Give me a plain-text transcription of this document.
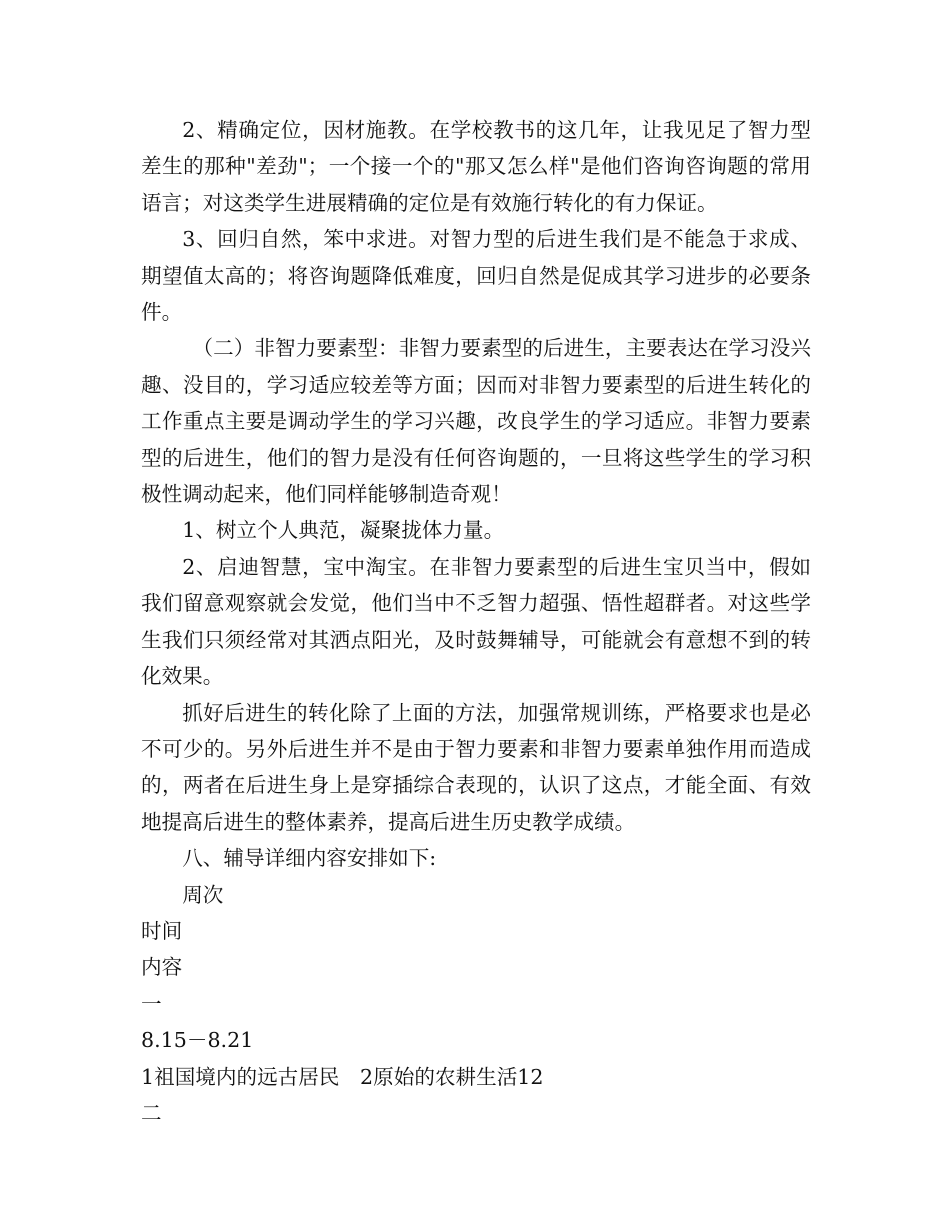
2、精确定位，因材施教。在学校教书的这几年，让我见足了智力型差生的那种"差劲"；一个接一个的"那又怎么样"是他们咨询咨询题的常用语言；对这类学生进展精确的定位是有效施行转化的有力保证。

3、回归自然，笨中求进。对智力型的后进生我们是不能急于求成、期望值太高的；将咨询题降低难度，回归自然是促成其学习进步的必要条件。

（二）非智力要素型：非智力要素型的后进生，主要表达在学习没兴趣、没目的，学习适应较差等方面；因而对非智力要素型的后进生转化的工作重点主要是调动学生的学习兴趣，改良学生的学习适应。非智力要素型的后进生，他们的智力是没有任何咨询题的，一旦将这些学生的学习积极性调动起来，他们同样能够制造奇观！

1、树立个人典范，凝聚拢体力量。

2、启迪智慧，宝中淘宝。在非智力要素型的后进生宝贝当中，假如我们留意观察就会发觉，他们当中不乏智力超强、悟性超群者。对这些学生我们只须经常对其洒点阳光，及时鼓舞辅导，可能就会有意想不到的转化效果。

抓好后进生的转化除了上面的方法，加强常规训练，严格要求也是必不可少的。另外后进生并不是由于智力要素和非智力要素单独作用而造成的，两者在后进生身上是穿插综合表现的，认识了这点，才能全面、有效地提高后进生的整体素养，提高后进生历史教学成绩。

八、辅导详细内容安排如下:

周次

时间

内容

一

8.15－8.21

1祖国境内的远古居民　2原始的农耕生活12

二
